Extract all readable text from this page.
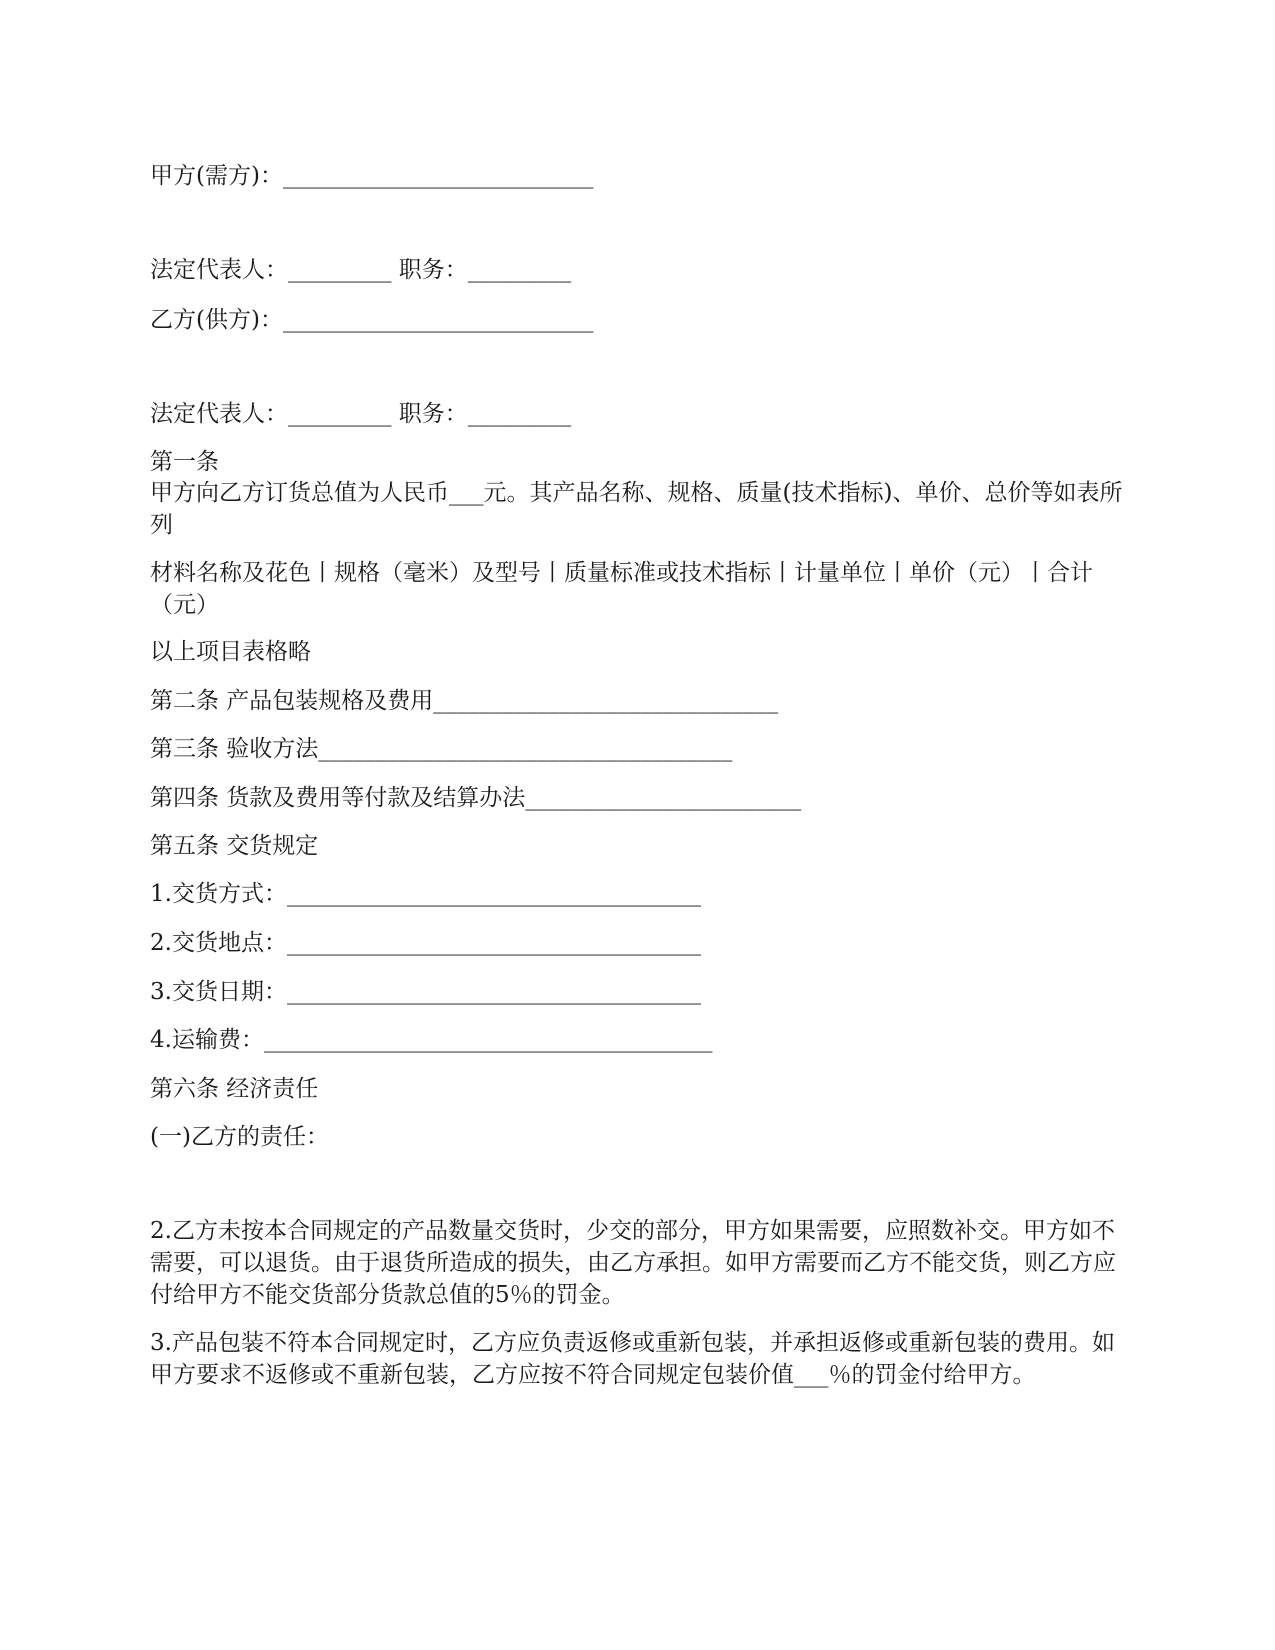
甲方(需方)：___________________________

法定代表人：_________ 职务：_________

乙方(供方)：___________________________

法定代表人：_________ 职务：_________

第一条

甲方向乙方订货总值为人民币___元。其产品名称、规格、质量(技术指标)、单价、总价等如表所列

材料名称及花色丨规格（毫米）及型号丨质量标准或技术指标丨计量单位丨单价（元）丨合计（元）

以上项目表格略

第二条 产品包装规格及费用______________________________

第三条 验收方法____________________________________

第四条 货款及费用等付款及结算办法________________________

第五条 交货规定

1.交货方式：____________________________________

2.交货地点：____________________________________

3.交货日期：____________________________________

4.运输费：_______________________________________

第六条 经济责任

(一)乙方的责任：

2.乙方未按本合同规定的产品数量交货时，少交的部分，甲方如果需要，应照数补交。甲方如不需要，可以退货。由于退货所造成的损失，由乙方承担。如甲方需要而乙方不能交货，则乙方应付给甲方不能交货部分货款总值的5％的罚金。

3.产品包装不符本合同规定时，乙方应负责返修或重新包装，并承担返修或重新包装的费用。如甲方要求不返修或不重新包装，乙方应按不符合同规定包装价值___％的罚金付给甲方。
